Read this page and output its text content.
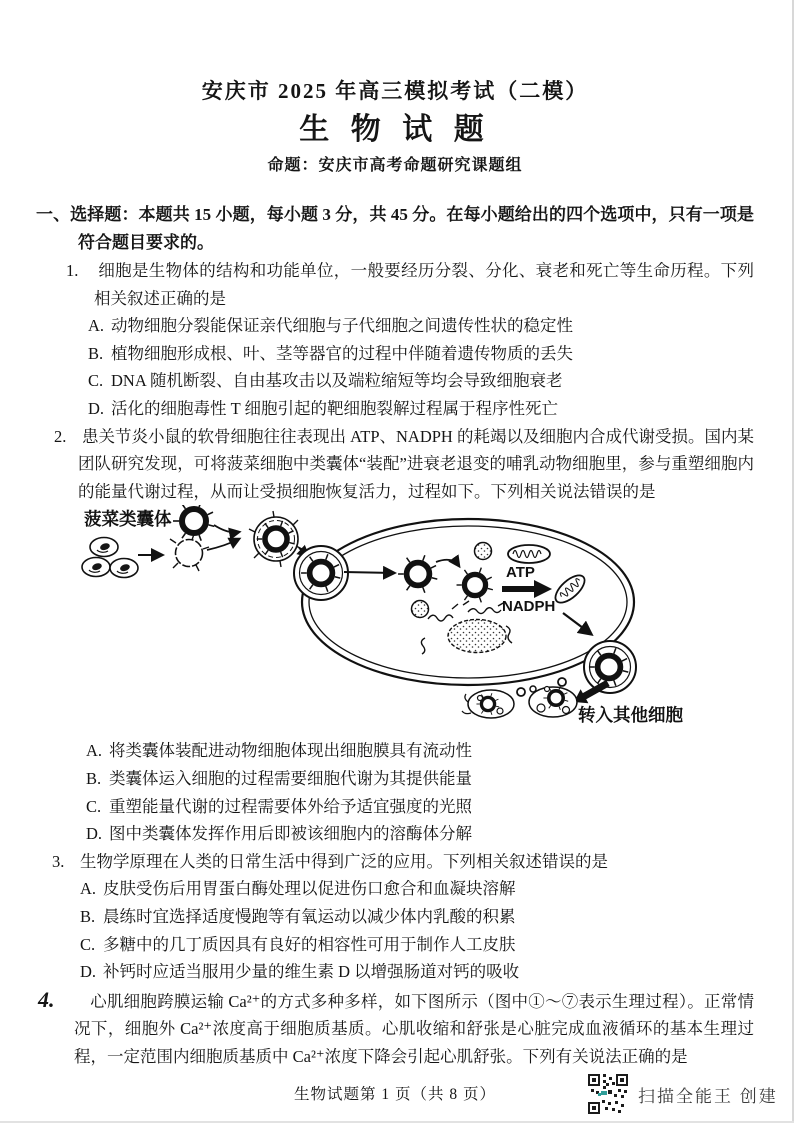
安庆市 2025 年高三模拟考试（二模）
生 物 试 题
命题：安庆市高考命题研究课题组
一、选择题：本题共 15 小题，每小题 3 分，共 45 分。在每小题给出的四个选项中，只有一项是符合题目要求的。
1. 细胞是生物体的结构和功能单位，一般要经历分裂、分化、衰老和死亡等生命历程。下列相关叙述正确的是
A. 动物细胞分裂能保证亲代细胞与子代细胞之间遗传性状的稳定性
B. 植物细胞形成根、叶、茎等器官的过程中伴随着遗传物质的丢失
C. DNA 随机断裂、自由基攻击以及端粒缩短等均会导致细胞衰老
D. 活化的细胞毒性 T 细胞引起的靶细胞裂解过程属于程序性死亡
2. 患关节炎小鼠的软骨细胞往往表现出 ATP、NADPH 的耗竭以及细胞内合成代谢受损。国内某团队研究发现，可将菠菜细胞中类囊体“装配”进衰老退变的哺乳动物细胞里，参与重塑细胞内的能量代谢过程，从而让受损细胞恢复活力，过程如下。下列相关说法错误的是
菠菜类囊体
ATP
NADPH
转入其他细胞
A. 将类囊体装配进动物细胞体现出细胞膜具有流动性
B. 类囊体运入细胞的过程需要细胞代谢为其提供能量
C. 重塑能量代谢的过程需要体外给予适宜强度的光照
D. 图中类囊体发挥作用后即被该细胞内的溶酶体分解
3. 生物学原理在人类的日常生活中得到广泛的应用。下列相关叙述错误的是
A. 皮肤受伤后用胃蛋白酶处理以促进伤口愈合和血凝块溶解
B. 晨练时宜选择适度慢跑等有氧运动以减少体内乳酸的积累
C. 多糖中的几丁质因具有良好的相容性可用于制作人工皮肤
D. 补钙时应适当服用少量的维生素 D 以增强肠道对钙的吸收
4. 心肌细胞跨膜运输 Ca²⁺的方式多种多样，如下图所示（图中①～⑦表示生理过程）。正常情况下，细胞外 Ca²⁺浓度高于细胞质基质。心肌收缩和舒张是心脏完成血液循环的基本生理过程，一定范围内细胞质基质中 Ca²⁺浓度下降会引起心肌舒张。下列有关说法正确的是
生物试题第 1 页（共 8 页）	扫描全能王 创建
